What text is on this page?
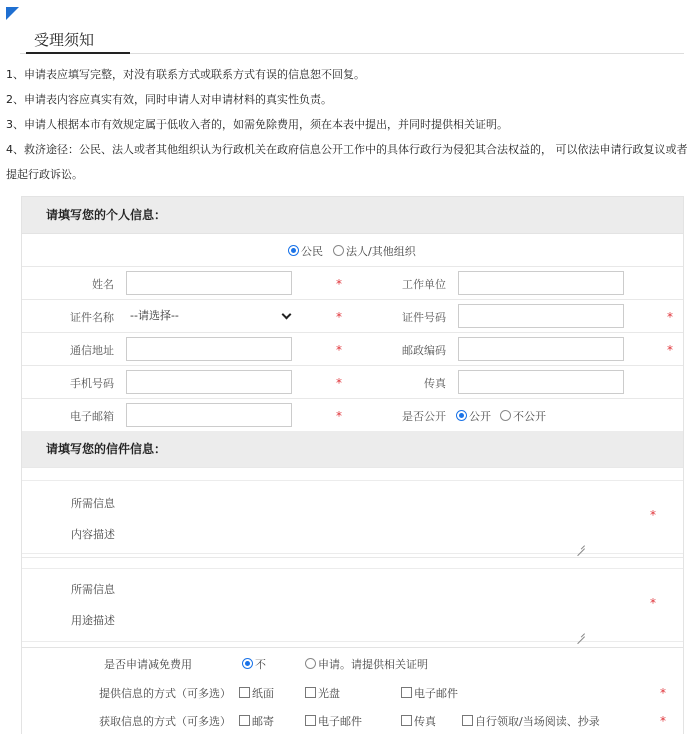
受理须知

1、申请表应填写完整，对没有联系方式或联系方式有误的信息恕不回复。

2、申请表内容应真实有效，同时申请人对申请材料的真实性负责。

3、申请人根据本市有效规定属于低收入者的，如需免除费用，须在本表中提出，并同时提供相关证明。

4、救济途径：公民、法人或者其他组织认为行政机关在政府信息公开工作中的具体行政行为侵犯其合法权益的， 可以依法申请行政复议或者提起行政诉讼。

请填写您的个人信息：
公民	法人/其他组织
姓名	*	工作单位
证件名称	--请选择--	*	证件号码	*
通信地址	*	邮政编码	*
手机号码	*	传真
电子邮箱	*	是否公开	公开	不公开
请填写您的信件信息：
所需信息
内容描述
*
所需信息
用途描述
*
是否申请减免费用	不	申请。请提供相关证明
提供信息的方式（可多选）	纸面	光盘	电子邮件	*
获取信息的方式（可多选）	邮寄	电子邮件	传真	自行领取/当场阅读、抄录	*
